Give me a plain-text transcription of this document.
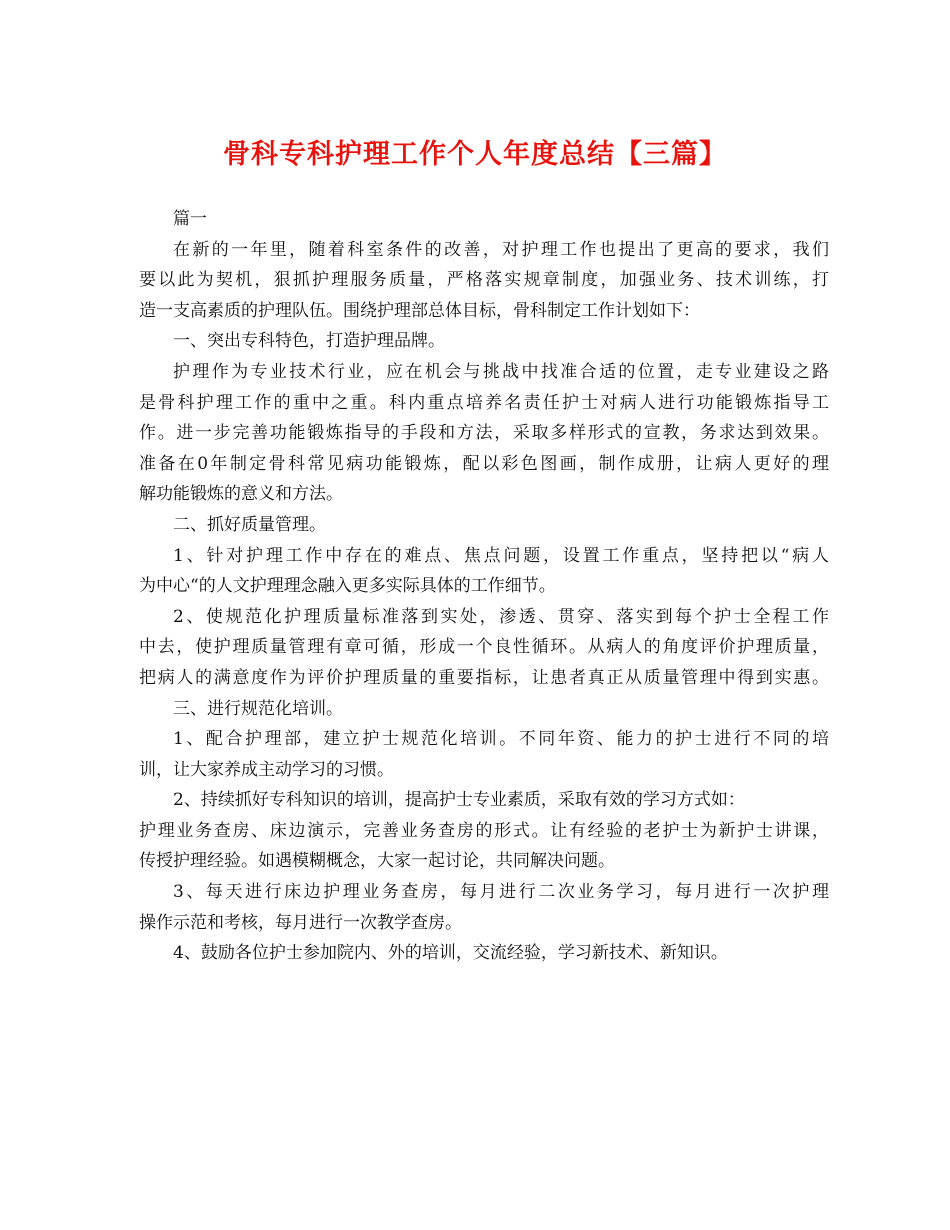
骨科专科护理工作个人年度总结【三篇】
篇一
在新的一年里，随着科室条件的改善，对护理工作也提出了更高的要求，我们
要以此为契机，狠抓护理服务质量，严格落实规章制度，加强业务、技术训练，打
造一支高素质的护理队伍。围绕护理部总体目标，骨科制定工作计划如下：
一、突出专科特色，打造护理品牌。
护理作为专业技术行业，应在机会与挑战中找准合适的位置，走专业建设之路
是骨科护理工作的重中之重。科内重点培养名责任护士对病人进行功能锻炼指导工
作。进一步完善功能锻炼指导的手段和方法，采取多样形式的宣教，务求达到效果。
准备在0年制定骨科常见病功能锻炼，配以彩色图画，制作成册，让病人更好的理
解功能锻炼的意义和方法。
二、抓好质量管理。
1、针对护理工作中存在的难点、焦点问题，设置工作重点，坚持把以“病人
为中心“的人文护理理念融入更多实际具体的工作细节。
2、使规范化护理质量标准落到实处，渗透、贯穿、落实到每个护士全程工作
中去，使护理质量管理有章可循，形成一个良性循环。从病人的角度评价护理质量，
把病人的满意度作为评价护理质量的重要指标，让患者真正从质量管理中得到实惠。
三、进行规范化培训。
1、配合护理部，建立护士规范化培训。不同年资、能力的护士进行不同的培
训，让大家养成主动学习的习惯。
2、持续抓好专科知识的培训，提高护士专业素质，采取有效的学习方式如：
护理业务查房、床边演示，完善业务查房的形式。让有经验的老护士为新护士讲课，
传授护理经验。如遇模糊概念，大家一起讨论，共同解决问题。
3、每天进行床边护理业务查房，每月进行二次业务学习，每月进行一次护理
操作示范和考核，每月进行一次教学查房。
4、鼓励各位护士参加院内、外的培训，交流经验，学习新技术、新知识。
